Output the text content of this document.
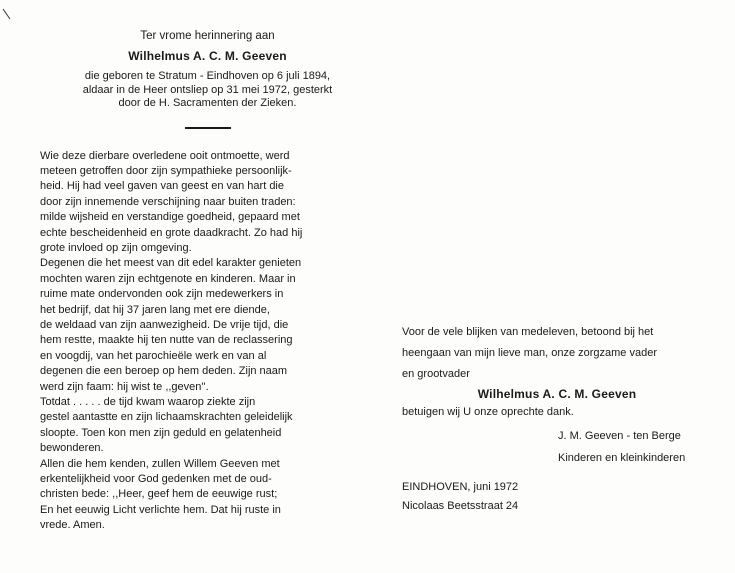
Ter vrome herinnering aan

Wilhelmus A. C. M. Geeven

die geboren te Stratum - Eindhoven op 6 juli 1894,
aldaar in de Heer ontsliep op 31 mei 1972, gesterkt
door de H. Sacramenten der Zieken.
Wie deze dierbare overledene ooit ontmoette, werd
meteen getroffen door zijn sympathieke persoonlijk-
heid. Hij had veel gaven van geest en van hart die
door zijn innemende verschijning naar buiten traden:
milde wijsheid en verstandige goedheid, gepaard met
echte bescheidenheid en grote daadkracht. Zo had hij
grote invloed op zijn omgeving.
Degenen die het meest van dit edel karakter genieten
mochten waren zijn echtgenote en kinderen. Maar in
ruime mate ondervonden ook zijn medewerkers in
het bedrijf, dat hij 37 jaren lang met ere diende,
de weldaad van zijn aanwezigheid. De vrije tijd, die
hem restte, maakte hij ten nutte van de reclassering
en voogdij, van het parochieële werk en van al
degenen die een beroep op hem deden. Zijn naam
werd zijn faam: hij wist te ,,geven''.
Totdat . . . . . de tijd kwam waarop ziekte zijn
gestel aantastte en zijn lichaamskrachten geleidelijk
sloopte. Toen kon men zijn geduld en gelatenheid
bewonderen.
Allen die hem kenden, zullen Willem Geeven met
erkentelijkheid voor God gedenken met de oud-
christen bede: ,,Heer, geef hem de eeuwige rust;
En het eeuwig Licht verlichte hem. Dat hij ruste in
vrede. Amen.

Voor de vele blijken van medeleven, betoond bij het

heengaan van mijn lieve man, onze zorgzame vader

en grootvader

Wilhelmus A. C. M. Geeven

betuigen wij U onze oprechte dank.

J. M. Geeven - ten Berge

Kinderen en kleinkinderen

EINDHOVEN, juni 1972

Nicolaas Beetsstraat 24
